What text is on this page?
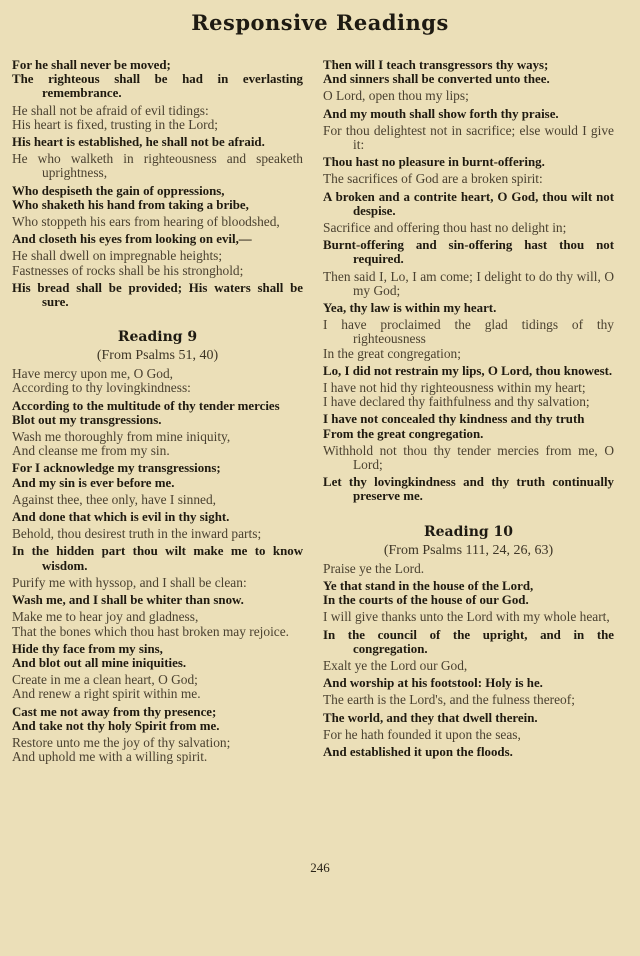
Responsive Readings
For he shall never be moved;
The righteous shall be had in everlasting remembrance.
He shall not be afraid of evil tidings:
His heart is fixed, trusting in the Lord;
His heart is established, he shall not be afraid.
He who walketh in righteousness and speaketh uprightness,
Who despiseth the gain of oppressions,
Who shaketh his hand from taking a bribe,
Who stoppeth his ears from hearing of bloodshed,
And closeth his eyes from looking on evil,—
He shall dwell on impregnable heights;
Fastnesses of rocks shall be his stronghold;
His bread shall be provided; His waters shall be sure.
Reading 9
(From Psalms 51, 40)
Have mercy upon me, O God,
According to thy lovingkindness:
According to the multitude of thy tender mercies
Blot out my transgressions.
Wash me thoroughly from mine iniquity,
And cleanse me from my sin.
For I acknowledge my transgressions;
And my sin is ever before me.
Against thee, thee only, have I sinned,
And done that which is evil in thy sight.
Behold, thou desirest truth in the inward parts;
In the hidden part thou wilt make me to know wisdom.
Purify me with hyssop, and I shall be clean:
Wash me, and I shall be whiter than snow.
Make me to hear joy and gladness,
That the bones which thou hast broken may rejoice.
Hide thy face from my sins,
And blot out all mine iniquities.
Create in me a clean heart, O God;
And renew a right spirit within me.
Cast me not away from thy presence;
And take not thy holy Spirit from me.
Restore unto me the joy of thy salvation;
And uphold me with a willing spirit.
Then will I teach transgressors thy ways;
And sinners shall be converted unto thee.
O Lord, open thou my lips;
And my mouth shall show forth thy praise.
For thou delightest not in sacrifice; else would I give it:
Thou hast no pleasure in burnt-offering.
The sacrifices of God are a broken spirit:
A broken and a contrite heart, O God, thou wilt not despise.
Sacrifice and offering thou hast no delight in;
Burnt-offering and sin-offering hast thou not required.
Then said I, Lo, I am come; I delight to do thy will, O my God;
Yea, thy law is within my heart.
I have proclaimed the glad tidings of thy righteousness
In the great congregation;
Lo, I did not restrain my lips, O Lord, thou knowest.
I have not hid thy righteousness within my heart;
I have declared thy faithfulness and thy salvation;
I have not concealed thy kindness and thy truth
From the great congregation.
Withhold not thou thy tender mercies from me, O Lord;
Let thy lovingkindness and thy truth continually preserve me.
Reading 10
(From Psalms 111, 24, 26, 63)
Praise ye the Lord.
Ye that stand in the house of the Lord,
In the courts of the house of our God.
I will give thanks unto the Lord with my whole heart,
In the council of the upright, and in the congregation.
Exalt ye the Lord our God,
And worship at his footstool: Holy is he.
The earth is the Lord's, and the fulness thereof;
The world, and they that dwell therein.
For he hath founded it upon the seas,
And established it upon the floods.
246
